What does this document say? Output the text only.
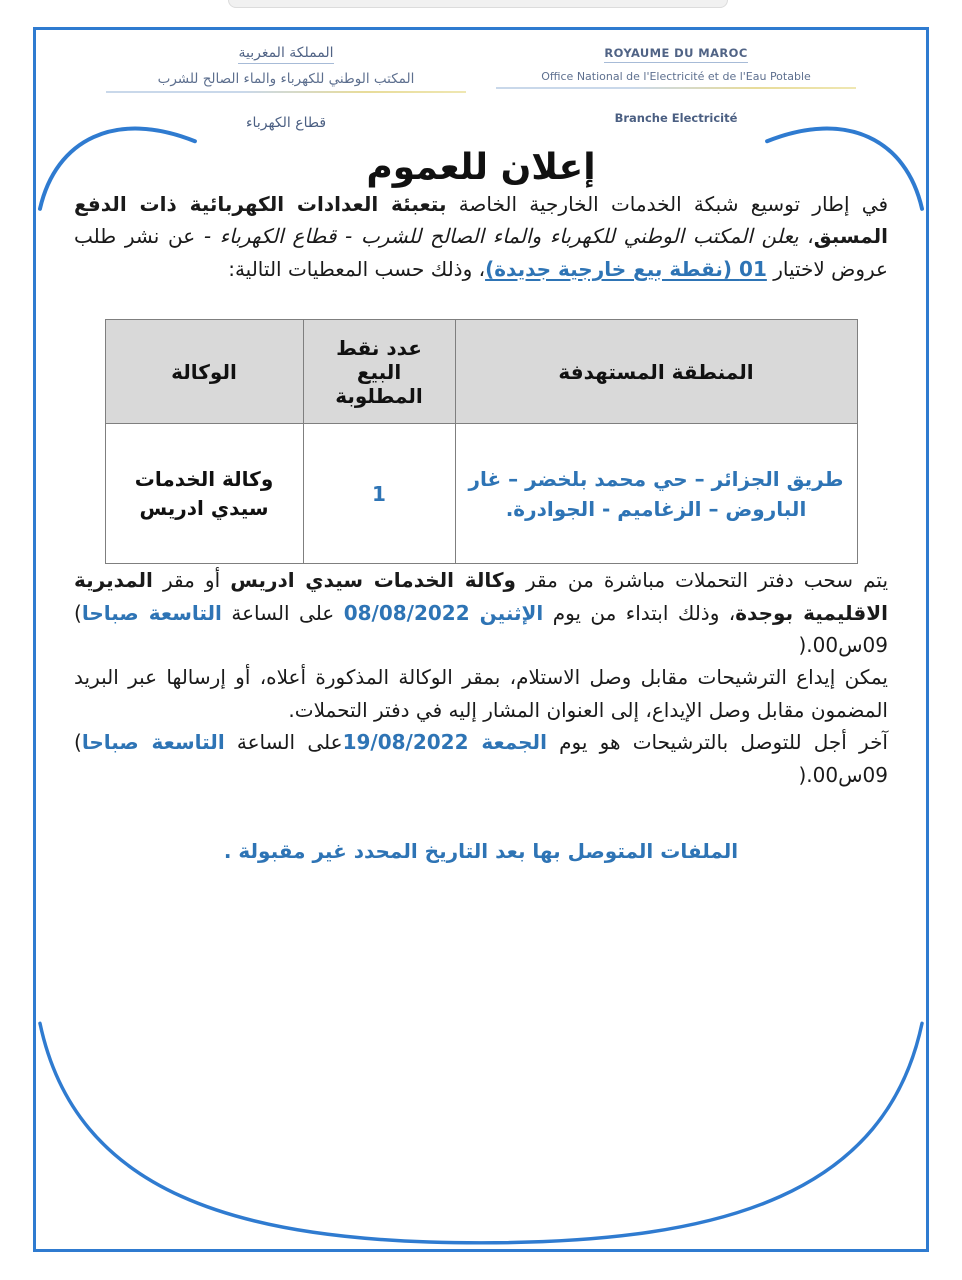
المملكة المغربية
المكتب الوطني للكهرباء والماء الصالح للشرب
قطاع الكهرباء
ROYAUME DU MAROC
Office National de l'Electricité et de l'Eau Potable
Branche Electricité
إعلان للعموم

في إطار توسيع شبكة الخدمات الخارجية الخاصة بتعبئة العدادات الكهربائية ذات الدفع المسبق، يعلن المكتب الوطني للكهرباء والماء الصالح للشرب - قطاع الكهرباء - عن نشر طلب عروض لاختيار 01 (نقطة بيع خارجية جديدة)، وذلك حسب المعطيات التالية:

المنطقة المستهدفة	عدد نقط البيع المطلوبة	الوكالة
طريق الجزائر – حي محمد بلخضر – غار الباروض – الزغاميم - الجوادرة.	1	وكالة الخدمات سيدي ادريس

يتم سحب دفتر التحملات مباشرة من مقر وكالة الخدمات سيدي ادريس أو مقر المديرية الاقليمية بوجدة، وذلك ابتداء من يوم الإثنين 08/08/2022 على الساعة التاسعة صباحا) 09س00.(

يمكن إيداع الترشيحات مقابل وصل الاستلام، بمقر الوكالة المذكورة أعلاه، أو إرسالها عبر البريد المضمون مقابل وصل الإيداع، إلى العنوان المشار إليه في دفتر التحملات.

آخر أجل للتوصل بالترشيحات هو يوم الجمعة 19/08/2022على الساعة التاسعة صباحا) 09س00.(

الملفات المتوصل بها بعد التاريخ المحدد غير مقبولة .
